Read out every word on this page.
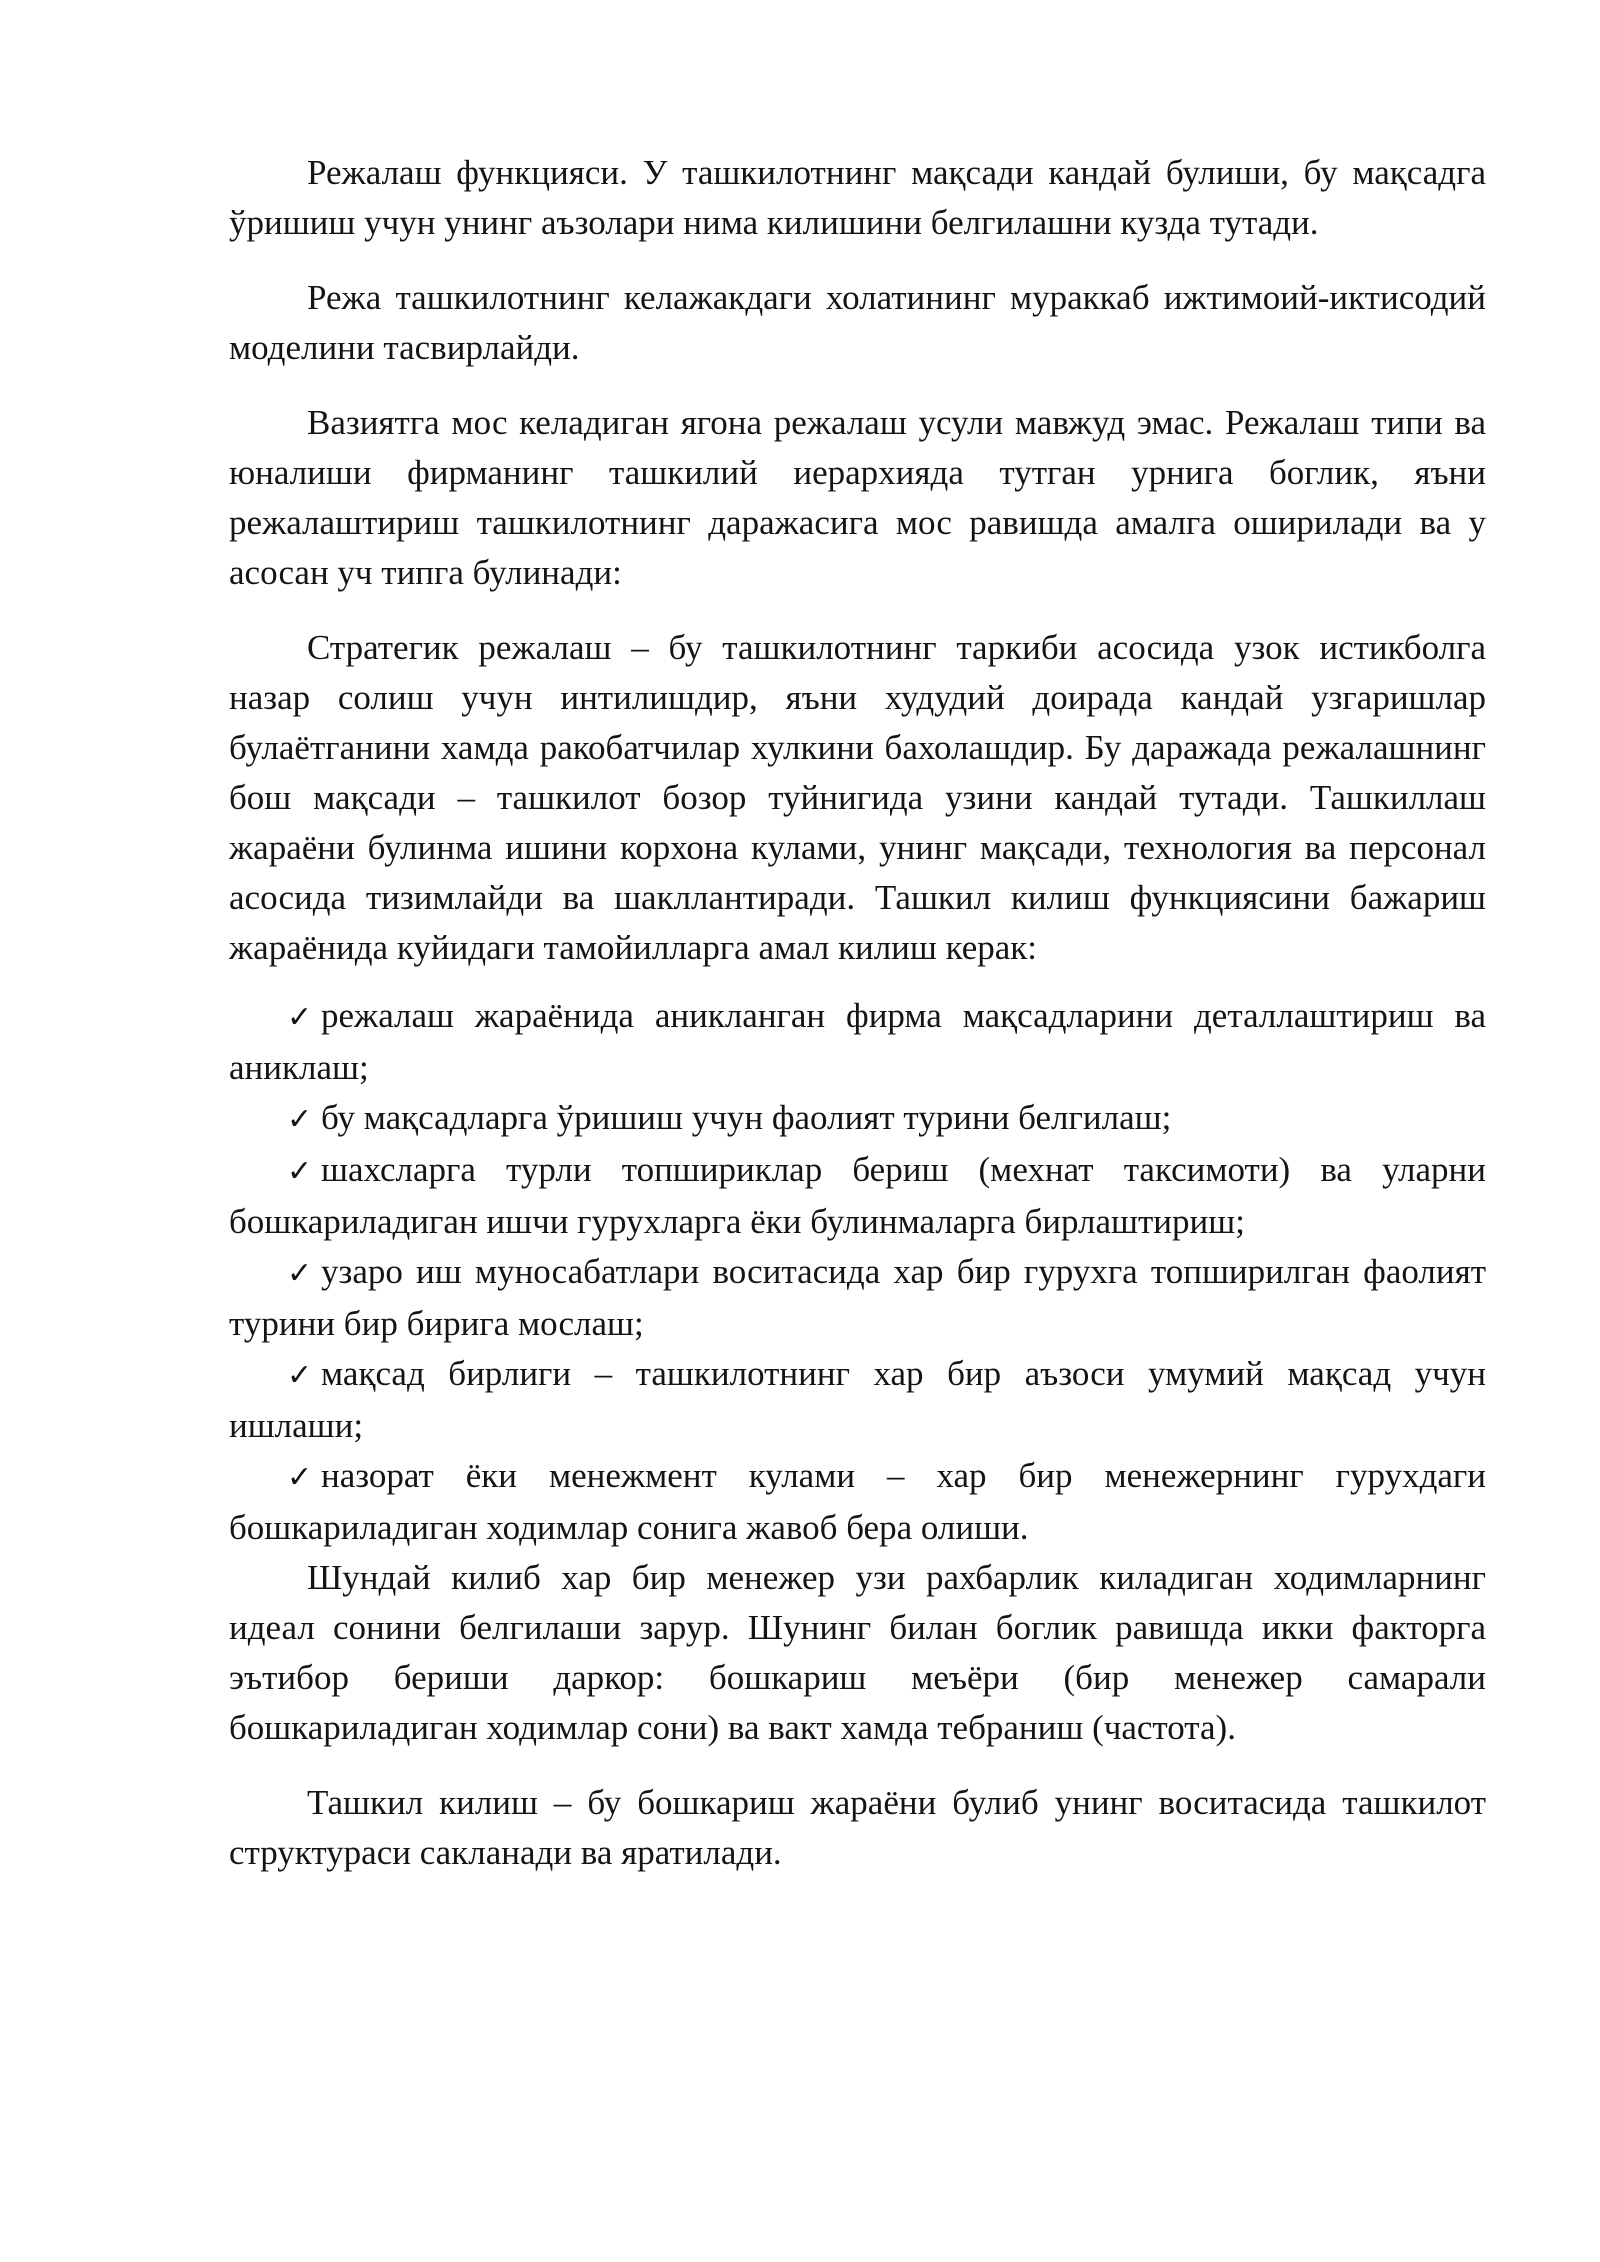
Режалаш функцияси. У ташкилотнинг мақсади кандай булиши, бу мақсадга ўришиш учун унинг аъзолари нима килишини белгилашни кузда тутади.

Режа ташкилотнинг келажакдаги холатининг мураккаб ижтимоий-иктисодий моделини тасвирлайди.

Вазиятга мос келадиган ягона режалаш усули мавжуд эмас. Режалаш типи ва юналиши фирманинг ташкилий иерархияда тутган урнига боглик, яъни режалаштириш ташкилотнинг даражасига мос равишда амалга оширилади ва у асосан уч типга булинади:

Стратегик режалаш – бу ташкилотнинг таркиби асосида узок истикболга назар солиш учун интилишдир, яъни худудий доирада кандай узгаришлар булаётганини хамда ракобатчилар хулкини бахолашдир. Бу даражада режалашнинг бош мақсади – ташкилот бозор туйнигида узини кандай тутади. Ташкиллаш жараёни булинма ишини корхона кулами, унинг мақсади, технология ва персонал асосида тизимлайди ва шакллантиради. Ташкил килиш функциясини бажариш жараёнида куйидаги тамойилларга амал килиш керак:

✓ режалаш жараёнида аникланган фирма мақсадларини деталлаштириш ва аниклаш;

✓ бу мақсадларга ўришиш учун фаолият турини белгилаш;

✓ шахсларга турли топшириклар бериш (мехнат таксимоти) ва уларни бошкариладиган ишчи гурухларга ёки булинмаларга бирлаштириш;

✓ узаро иш муносабатлари воситасида хар бир гурухга топширилган фаолият турини бир бирига мослаш;

✓ мақсад бирлиги – ташкилотнинг хар бир аъзоси умумий мақсад учун ишлаши;

✓ назорат ёки менежмент кулами – хар бир менежернинг гурухдаги бошкариладиган ходимлар сонига жавоб бера олиши.

Шундай килиб хар бир менежер узи рахбарлик киладиган ходимларнинг идеал сонини белгилаши зарур. Шунинг билан боглик равишда икки факторга эътибор бериши даркор: бошкариш меъёри (бир менежер самарали бошкариладиган ходимлар сони) ва вакт хамда тебраниш (частота).

Ташкил килиш – бу бошкариш жараёни булиб унинг воситасида ташкилот структураси сакланади ва яратилади.
